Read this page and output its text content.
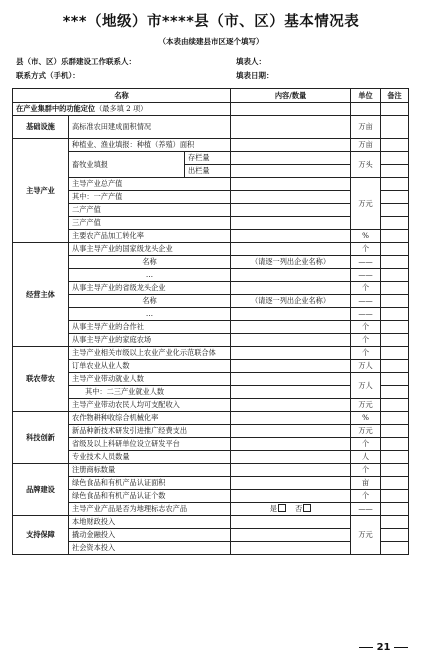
***（地级）市****县（市、区）基本情况表
（本表由续建县市区逐个填写）
县（市、区）乐群建设工作联系人：	填表人：
联系方式（手机）：	填表日期：
名称			内容/数量	单位	备注
在产业集群中的功能定位（最多填 2 项）					
基础设施	高标准农田建成面积情况			万亩	
主导产业	种植业、渔业填报：种植（养殖）面积			万亩	
	畜牧业填报	存栏量		万头	
		出栏量			
	主导产业总产值			万元	
	其中：一产产值				
	二产产值				
	三产产值				
	主要农产品加工转化率			%	
经营主体	从事主导产业的国家级龙头企业			个	
	名称		（请逐一列出企业名称）	——	
	…			——	
	从事主导产业的省级龙头企业			个	
	名称		（请逐一列出企业名称）	——	
	…			——	
	从事主导产业的合作社			个	
	从事主导产业的家庭农场			个	
联农带农	主导产业相关市级以上农业产业化示范联合体			个	

	订单农业从业人数			万人	
	主导产业带动就业人数			万人	
	其中：二三产业就业人数				
	主导产业带动农民人均可支配收入			万元	
科技创新	农作物耕种收综合机械化率			%	
	新品种新技术研发引进推广经费支出			万元	
	省级及以上科研单位设立研发平台			个	
	专业技术人员数量			人	
品牌建设	注册商标数量			个	
	绿色食品和有机产品认证面积			亩	
	绿色食品和有机产品认证个数			个	
	主导产业产品是否为地理标志农产品		是 否	——	
支持保障	本地财政投入			万元	
	撬动金融投入				
	社会资本投入				
21
